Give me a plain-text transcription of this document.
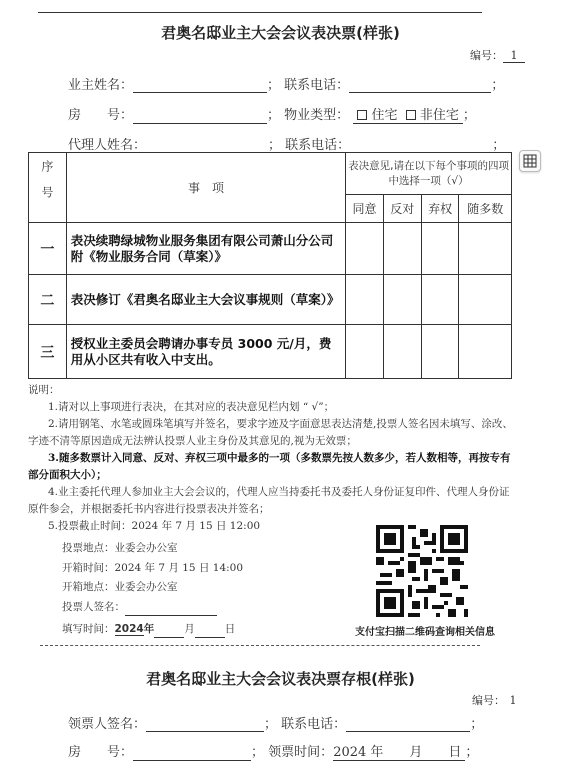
君奥名邸业主大会会议表决票(样张)
编号： 1
业主姓名：	； 联系电话：	；
房　　号：	； 物业类型： 住宅 非住宅 ；
代理人姓名：	； 联系电话：	；
序号	事　项	表决意见,请在以下每个事项的四项中选择一项（√）			
		同意	反对	弃权	随多数
一	表决续聘绿城物业服务集团有限公司萧山分公司附《物业服务合同（草案）》				
二	表决修订《君奥名邸业主大会议事规则（草案）》				
三	授权业主委员会聘请办事专员 3000 元/月，费用从小区共有收入中支出。				

说明：

1.请对以上事项进行表决，在其对应的表决意见栏内划 “ √”；

2.请用钢笔、水笔或圆珠笔填写并签名，要求字迹及字面意思表达清楚,投票人签名因未填写、涂改、字迹不清等原因造成无法辨认投票人业主身份及其意见的,视为无效票；

3.随多数票计入同意、反对、弃权三项中最多的一项（多数票先按人数多少，若人数相等，再按专有部分面积大小）；

4.业主委托代理人参加业主大会会议的，代理人应当持委托书及委托人身份证复印件、代理人身份证原件参会，并根据委托书内容进行投票表决并签名；

5.投票截止时间：2024 年 7 月 15 日 12:00

投票地点：业委会办公室
开箱时间：2024 年 7 月 15 日 14:00
开箱地点：业委会办公室
投票人签名：
填写时间：2024年	月	日	支付宝扫描二维码查询相关信息
君奥名邸业主大会会议表决票存根(样张)
编号： 1
领票人签名：	； 联系电话：	；
房　　号：	； 领票时间：2024 年　　月　　日 ；
